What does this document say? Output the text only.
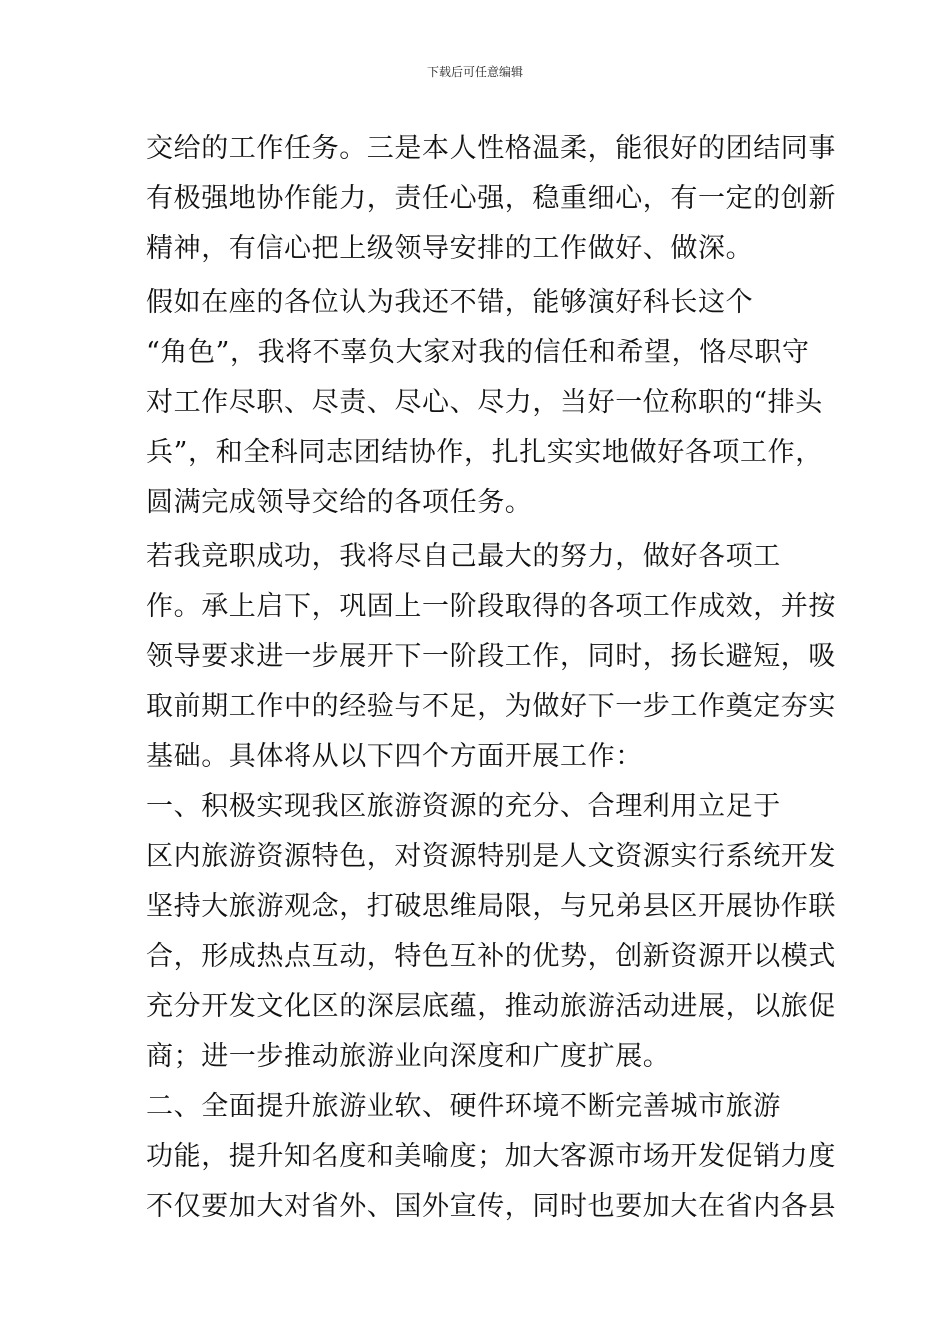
下载后可任意编辑
交给的工作任务。三是本人性格温柔，能很好的团结同事
有极强地协作能力，责任心强，稳重细心，有一定的创新
精神，有信心把上级领导安排的工作做好、做深。
假如在座的各位认为我还不错，能够演好科长这个
“角色”，我将不辜负大家对我的信任和希望，恪尽职守
对工作尽职、尽责、尽心、尽力，当好一位称职的“排头
兵”，和全科同志团结协作，扎扎实实地做好各项工作，
圆满完成领导交给的各项任务。
若我竞职成功，我将尽自己最大的努力，做好各项工
作。承上启下，巩固上一阶段取得的各项工作成效，并按
领导要求进一步展开下一阶段工作，同时，扬长避短，吸
取前期工作中的经验与不足，为做好下一步工作奠定夯实
基础。具体将从以下四个方面开展工作：
一、积极实现我区旅游资源的充分、合理利用立足于
区内旅游资源特色，对资源特别是人文资源实行系统开发
坚持大旅游观念，打破思维局限，与兄弟县区开展协作联
合，形成热点互动，特色互补的优势，创新资源开以模式
充分开发文化区的深层底蕴，推动旅游活动进展，以旅促
商；进一步推动旅游业向深度和广度扩展。
二、全面提升旅游业软、硬件环境不断完善城市旅游
功能，提升知名度和美喻度；加大客源市场开发促销力度
不仅要加大对省外、国外宣传，同时也要加大在省内各县
